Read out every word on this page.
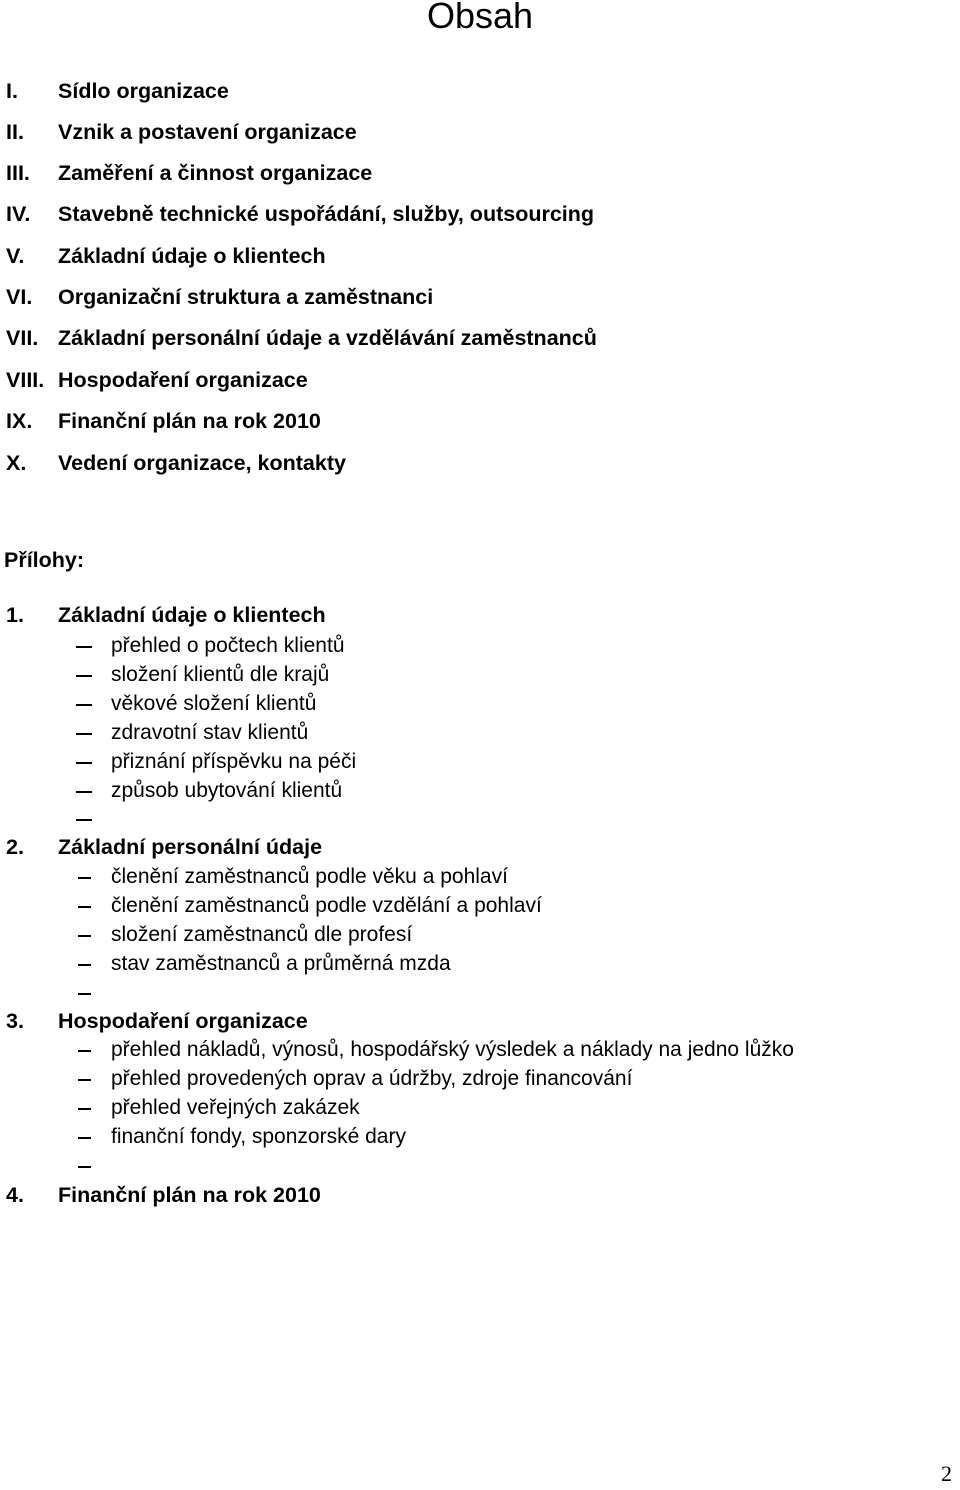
Obsah
I. Sídlo organizace
II. Vznik a postavení organizace
III. Zaměření a činnost organizace
IV. Stavebně technické uspořádání, služby, outsourcing
V. Základní údaje o klientech
VI. Organizační struktura a zaměstnanci
VII. Základní personální údaje a vzdělávání zaměstnanců
VIII. Hospodaření organizace
IX. Finanční plán na rok 2010
X. Vedení organizace, kontakty
Přílohy:
1. Základní údaje o klientech
přehled o počtech klientů
složení klientů dle krajů
věkové složení klientů
zdravotní stav klientů
přiznání příspěvku na péči
způsob ubytování klientů
2. Základní personální údaje
členění zaměstnanců podle věku a pohlaví
členění zaměstnanců podle vzdělání a pohlaví
složení zaměstnanců dle profesí
stav zaměstnanců a průměrná mzda
3. Hospodaření organizace
přehled nákladů, výnosů, hospodářský výsledek a náklady na jedno lůžko
přehled provedených oprav a údržby, zdroje financování
přehled veřejných zakázek
finanční fondy, sponzorské dary
4. Finanční plán na rok 2010
2
